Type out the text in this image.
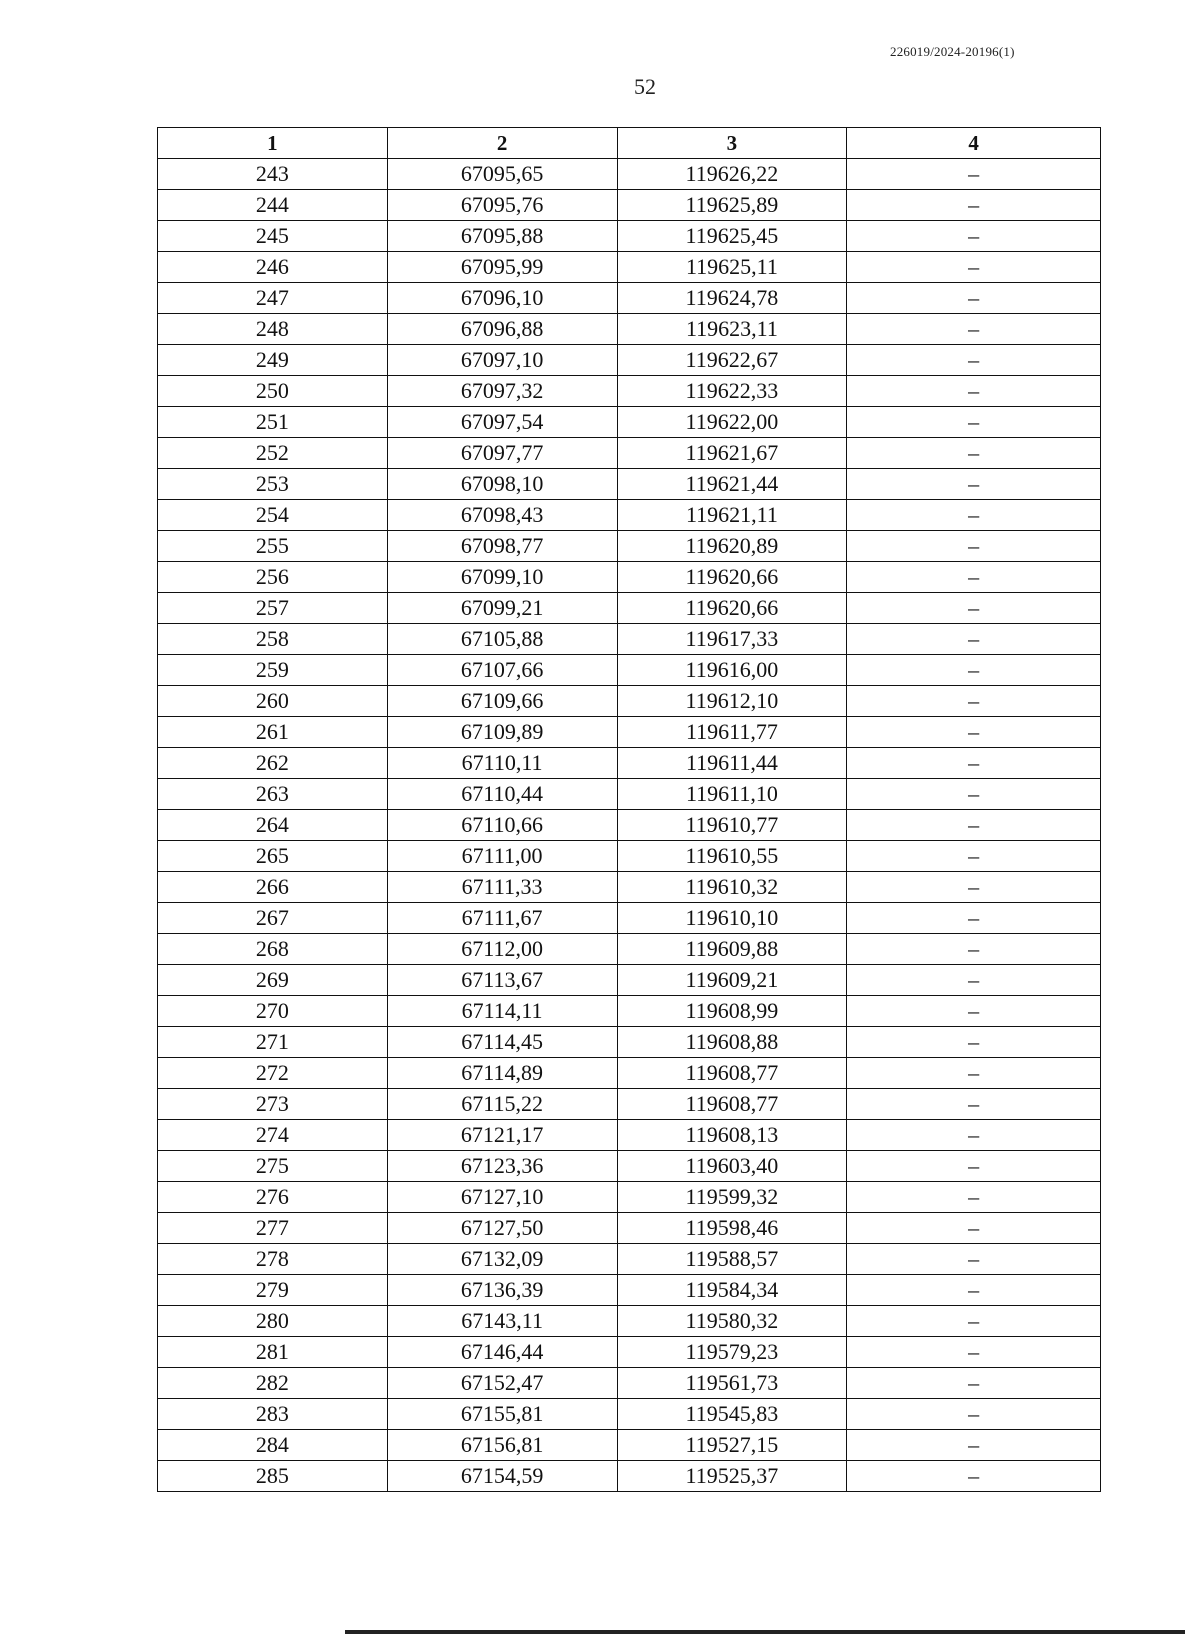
226019/2024-20196(1)
52
1	2	3	4
243	67095,65	119626,22	–
244	67095,76	119625,89	–
245	67095,88	119625,45	–
246	67095,99	119625,11	–
247	67096,10	119624,78	–
248	67096,88	119623,11	–
249	67097,10	119622,67	–
250	67097,32	119622,33	–
251	67097,54	119622,00	–
252	67097,77	119621,67	–
253	67098,10	119621,44	–
254	67098,43	119621,11	–
255	67098,77	119620,89	–
256	67099,10	119620,66	–
257	67099,21	119620,66	–
258	67105,88	119617,33	–
259	67107,66	119616,00	–
260	67109,66	119612,10	–
261	67109,89	119611,77	–
262	67110,11	119611,44	–
263	67110,44	119611,10	–
264	67110,66	119610,77	–
265	67111,00	119610,55	–
266	67111,33	119610,32	–
267	67111,67	119610,10	–
268	67112,00	119609,88	–
269	67113,67	119609,21	–
270	67114,11	119608,99	–
271	67114,45	119608,88	–
272	67114,89	119608,77	–
273	67115,22	119608,77	–
274	67121,17	119608,13	–
275	67123,36	119603,40	–
276	67127,10	119599,32	–
277	67127,50	119598,46	–
278	67132,09	119588,57	–
279	67136,39	119584,34	–
280	67143,11	119580,32	–
281	67146,44	119579,23	–
282	67152,47	119561,73	–
283	67155,81	119545,83	–
284	67156,81	119527,15	–
285	67154,59	119525,37	–
